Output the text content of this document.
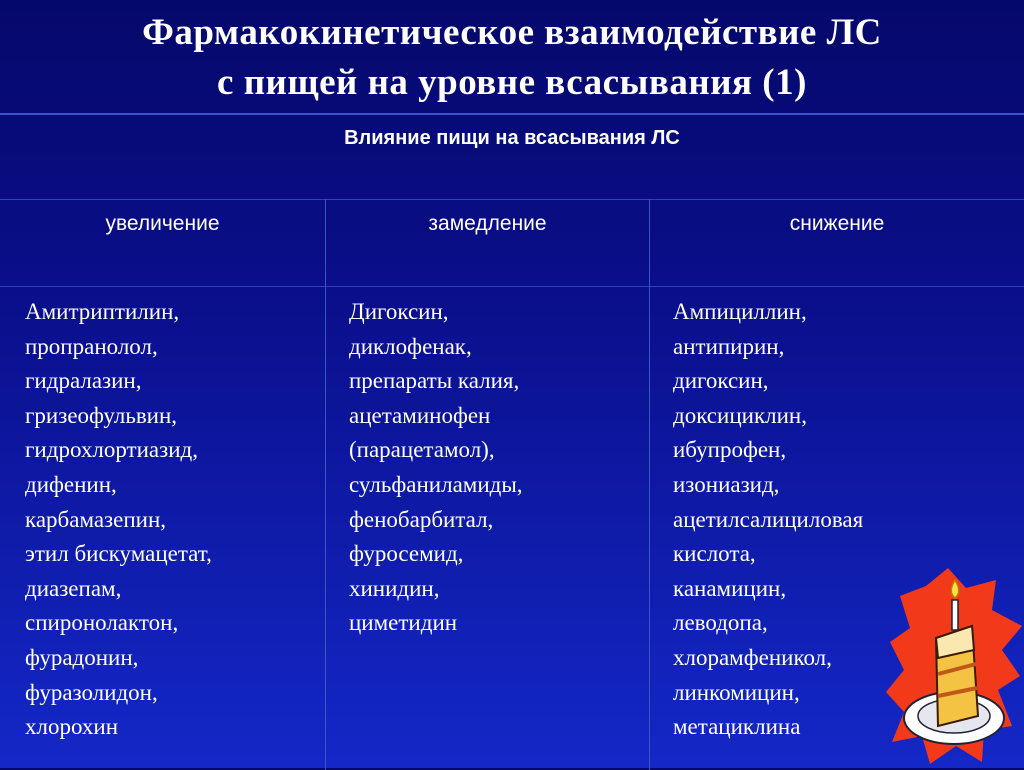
Фармакокинетическое взаимодействие ЛС
с пищей на уровне всасывания (1)
Влияние пищи на всасывания ЛС
увеличение	замедление	снижение
Амитриптилин,
пропранолол,
гидралазин,
гризеофульвин,
гидрохлортиазид,
дифенин,
карбамазепин,
этил бискумацетат,
диазепам,
спиронолактон,
фурадонин,
фуразолидон,
хлорохин
Дигоксин,
диклофенак,
препараты калия,
ацетаминофен
(парацетамол),
сульфаниламиды,
фенобарбитал,
фуросемид,
хинидин,
циметидин
Ампициллин,
антипирин,
дигоксин,
доксициклин,
ибупрофен,
изониазид,
ацетилсалициловая
кислота,
канамицин,
леводопа,
хлорамфеникол,
линкомицин,
метациклина
